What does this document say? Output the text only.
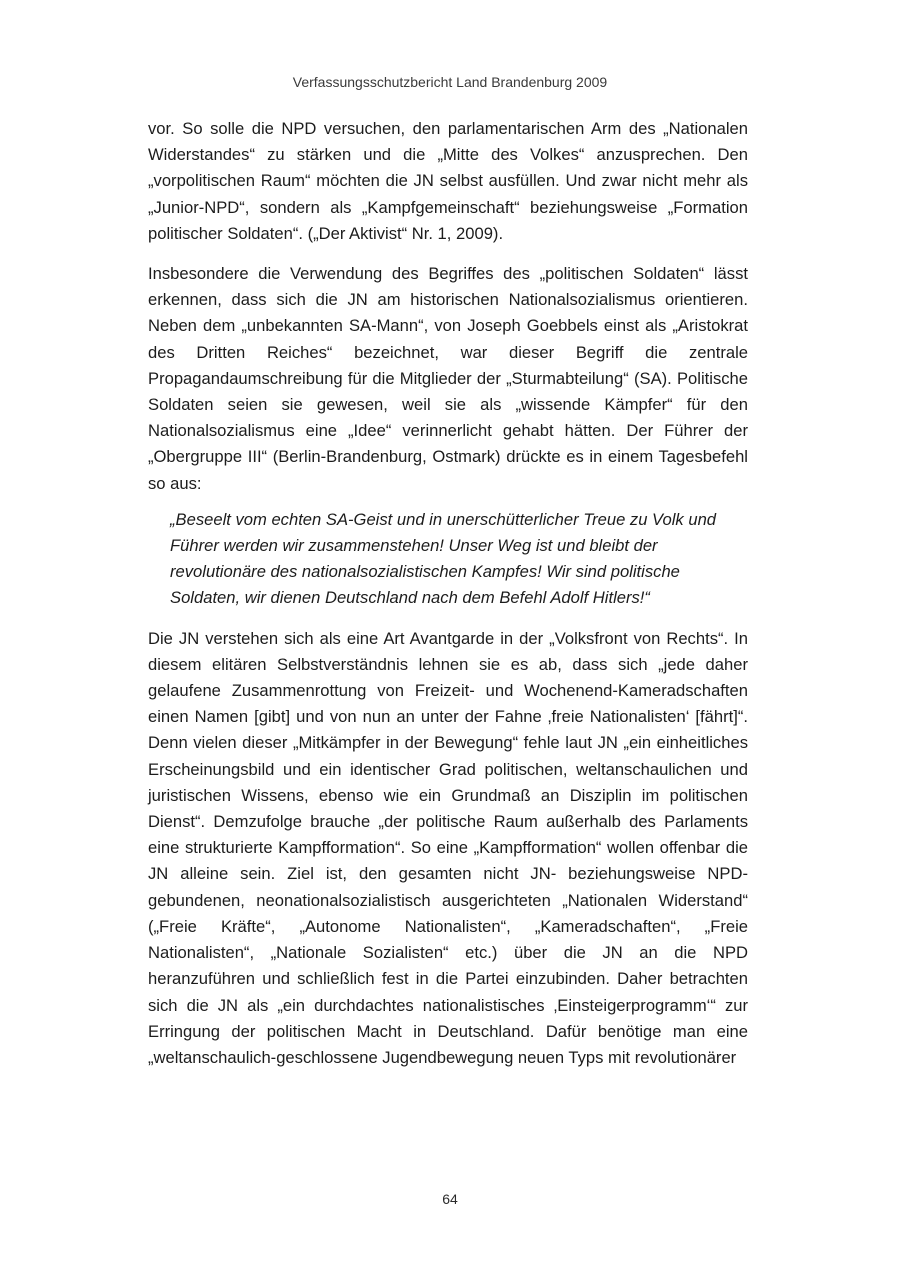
Verfassungsschutzbericht Land Brandenburg 2009

vor. So solle die NPD versuchen, den parlamentarischen Arm des „Nationalen Widerstandes“ zu stärken und die „Mitte des Volkes“ anzusprechen. Den „vorpolitischen Raum“ möchten die JN selbst ausfüllen. Und zwar nicht mehr als „Junior-NPD“, sondern als „Kampfgemeinschaft“ beziehungsweise „Formation politischer Soldaten“. („Der Aktivist“ Nr. 1, 2009).

Insbesondere die Verwendung des Begriffes des „politischen Soldaten“ lässt erkennen, dass sich die JN am historischen Nationalsozialismus orientieren. Neben dem „unbekannten SA-Mann“, von Joseph Goebbels einst als „Aristokrat des Dritten Reiches“ bezeichnet, war dieser Begriff die zentrale Propagandaumschreibung für die Mitglieder der „Sturmabteilung“ (SA). Politische Soldaten seien sie gewesen, weil sie als „wissende Kämpfer“ für den Nationalsozialismus eine „Idee“ verinnerlicht gehabt hätten. Der Führer der „Obergruppe III“ (Berlin-Brandenburg, Ostmark) drückte es in einem Tagesbefehl so aus:

„Beseelt vom echten SA-Geist und in unerschütterlicher Treue zu Volk und Führer werden wir zusammenstehen! Unser Weg ist und bleibt der revolutionäre des nationalsozialistischen Kampfes! Wir sind politische Soldaten, wir dienen Deutschland nach dem Befehl Adolf Hitlers!“

Die JN verstehen sich als eine Art Avantgarde in der „Volksfront von Rechts“. In diesem elitären Selbstverständnis lehnen sie es ab, dass sich „jede daher gelaufene Zusammenrottung von Freizeit- und Wochenend-Kameradschaften einen Namen [gibt] und von nun an unter der Fahne ‚freie Nationalisten‘ [fährt]“. Denn vielen dieser „Mitkämpfer in der Bewegung“ fehle laut JN „ein einheitliches Erscheinungsbild und ein identischer Grad politischen, weltanschaulichen und juristischen Wissens, ebenso wie ein Grundmaß an Disziplin im politischen Dienst“. Demzufolge brauche „der politische Raum außerhalb des Parlaments eine strukturierte Kampfformation“. So eine „Kampfformation“ wollen offenbar die JN alleine sein. Ziel ist, den gesamten nicht JN- beziehungsweise NPD-gebundenen, neonationalsozialistisch ausgerichteten „Nationalen Widerstand“ („Freie Kräfte“, „Autonome Nationalisten“, „Kameradschaften“, „Freie Nationalisten“, „Nationale Sozialisten“ etc.) über die JN an die NPD heranzuführen und schließlich fest in die Partei einzubinden. Daher betrachten sich die JN als „ein durchdachtes nationalistisches ‚Einsteigerprogramm‘“ zur Erringung der politischen Macht in Deutschland. Dafür benötige man eine „weltanschaulich-geschlossene Jugendbewegung neuen Typs mit revolutionärer

64
